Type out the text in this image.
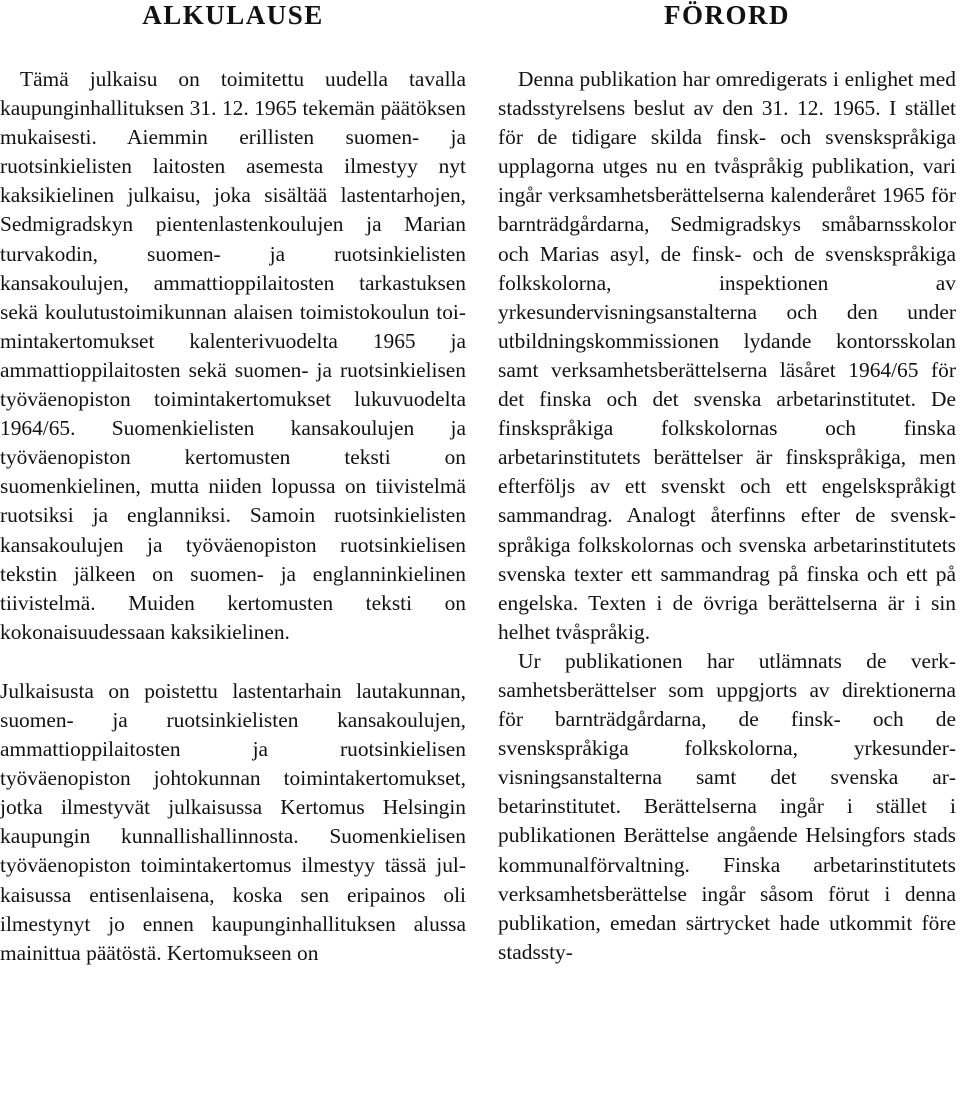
ALKULAUSE

Tämä julkaisu on toimitettu uudella tavalla kaupunginhallituksen 31. 12. 1965 tekemän päätöksen mukaisesti. Aiemmin erillisten suomen- ja ruotsinkielisten laitosten asemesta ilmestyy nyt kaksikielinen julkaisu, joka sisältää lastentarhojen, Sedmigradskyn pientenlastenkoulujen ja Marian turvakodin, suomen- ja ruotsinkielisten kansakoulujen, ammattioppilaitosten tarkastuksen sekä koulutustoimikunnan alaisen toimistokoulun toimintakertomukset kalenterivuodelta 1965 ja ammattioppilaitosten sekä suomen- ja ruotsinkielisen työväenopiston toimintakertomukset lukuvuodelta 1964/65. Suomenkielisten kansakoulujen ja työväenopiston kertomusten teksti on suomenkielinen, mutta niiden lopussa on tiivistelmä ruotsiksi ja englanniksi. Samoin ruotsinkielisten kansakoulujen ja työväenopiston ruotsinkielisen tekstin jälkeen on suomen- ja englanninkielinen tiivistelmä. Muiden kertomusten teksti on kokonaisuudessaan kaksikielinen.

Julkaisusta on poistettu lastentarhain lautakunnan, suomen- ja ruotsinkielisten kansakoulujen, ammattioppilaitosten ja ruotsinkielisen työväenopiston johtokunnan toimintakertomukset, jotka ilmestyvät julkaisussa Kertomus Helsingin kaupungin kunnallishallinnosta. Suomenkielisen työväenopiston toimintakertomus ilmestyy tässä julkaisussa entisenlaisena, koska sen eripainos oli ilmestynyt jo ennen kaupunginhallituksen alussa mainittua päätöstä. Kertomukseen on

FÖRORD

Denna publikation har omredigerats i enlighet med stadsstyrelsens beslut av den 31. 12. 1965. I stället för de tidigare skilda finsk- och svenskspråkiga upplagorna utges nu en tvåspråkig publikation, vari ingår verksamhetsberättelserna kalenderåret 1965 för barnträdgårdarna, Sedmigradskys småbarnsskolor och Marias asyl, de finsk- och de svenskspråkiga folkskolorna, inspektionen av yrkesundervisningsanstalterna och den under utbildningskommissionen lydande kontorsskolan samt verksamhetsberättelserna läsåret 1964/65 för det finska och det svenska arbetarinstitutet. De finskspråkiga folkskolornas och finska arbetarinstitutets berättelser är finskspråkiga, men efterföljs av ett svenskt och ett engelskspråkigt sammandrag. Analogt återfinns efter de svenskspråkiga folkskolornas och svenska arbetarinstitutets svenska texter ett sammandrag på finska och ett på engelska. Texten i de övriga berättelserna är i sin helhet tvåspråkig.

Ur publikationen har utlämnats de verksamhetsberättelser som uppgjorts av direktionerna för barnträdgårdarna, de finsk- och de svenskspråkiga folkskolorna, yrkesundervisningsanstalterna samt det svenska arbetarinstitutet. Berättelserna ingår i stället i publikationen Berättelse angående Helsingfors stads kommunalförvaltning. Finska arbetarinstitutets verksamhetsberättelse ingår såsom förut i denna publikation, emedan särtrycket hade utkommit före stadssty-
